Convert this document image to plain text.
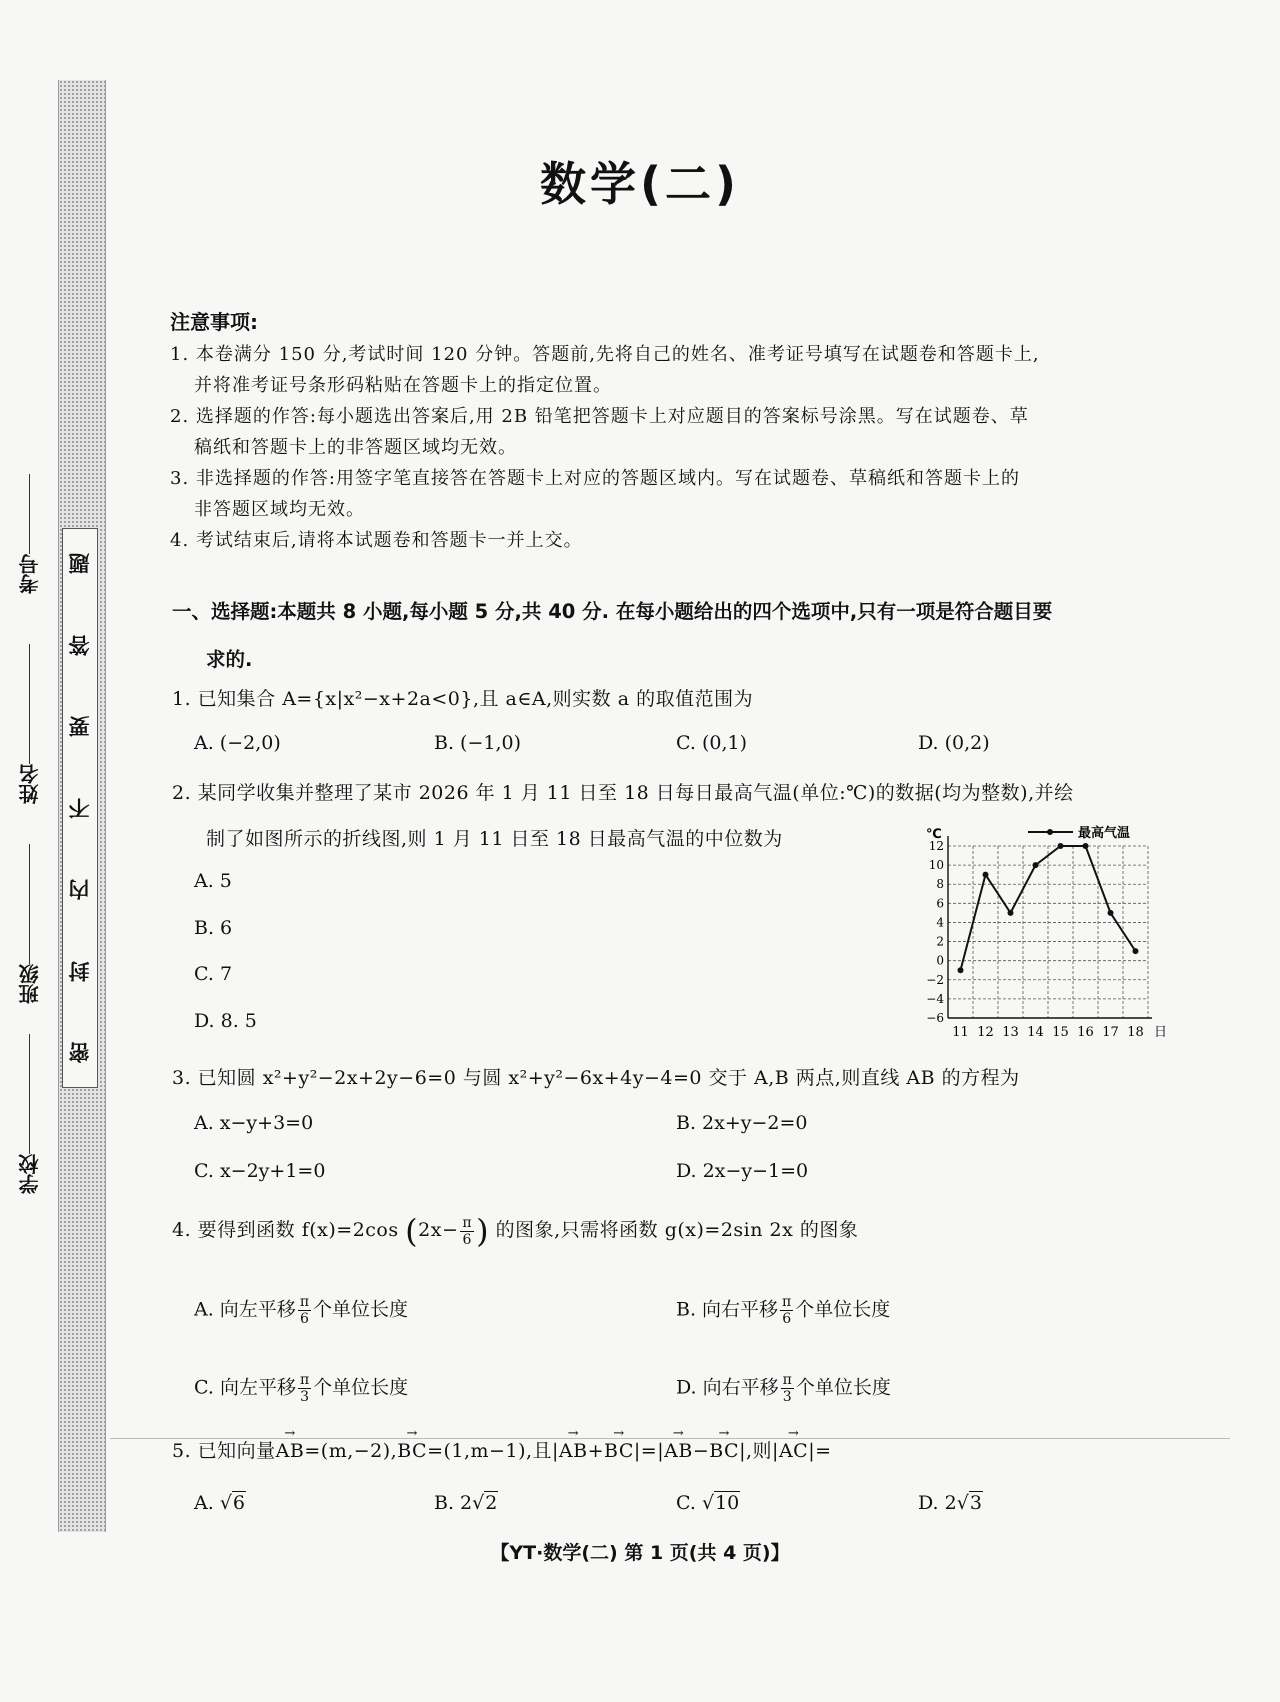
题
答
要
不
内
封
密
考号
姓名
班级
学校
数学(二)
注意事项:
1. 本卷满分 150 分,考试时间 120 分钟。答题前,先将自己的姓名、准考证号填写在试题卷和答题卡上,
并将准考证号条形码粘贴在答题卡上的指定位置。
2. 选择题的作答:每小题选出答案后,用 2B 铅笔把答题卡上对应题目的答案标号涂黑。写在试题卷、草
稿纸和答题卡上的非答题区域均无效。
3. 非选择题的作答:用签字笔直接答在答题卡上对应的答题区域内。写在试题卷、草稿纸和答题卡上的
非答题区域均无效。
4. 考试结束后,请将本试题卷和答题卡一并上交。
一、选择题:本题共 8 小题,每小题 5 分,共 40 分. 在每小题给出的四个选项中,只有一项是符合题目要
求的.
1. 已知集合 A={x|x²−x+2a<0},且 a∈A,则实数 a 的取值范围为
A. (−2,0)	B. (−1,0)	C. (0,1)	D. (0,2)
2. 某同学收集并整理了某市 2026 年 1 月 11 日至 18 日每日最高气温(单位:℃)的数据(均为整数),并绘
制了如图所示的折线图,则 1 月 11 日至 18 日最高气温的中位数为
A. 5
B. 6
C. 7
D. 8. 5
12
10
8
6
4
2
0
−2
−4
−6
℃
11 12 13 14 15 16 17 18 日
最高气温
3. 已知圆 x²+y²−2x+2y−6=0 与圆 x²+y²−6x+4y−4=0 交于 A,B 两点,则直线 AB 的方程为
A. x−y+3=0	B. 2x+y−2=0
C. x−2y+1=0	D. 2x−y−1=0
4. 要得到函数 f(x)=2cos ($2x- \frac{\pi}{6}$ ) 的图象,只需将函数 g(x)=2sin 2x 的图象
A. 向左平移 $\frac{\pi}{6}$ 个单位长度	B. 向右平移 $\frac{\pi}{6}$ 个单位长度
C. 向左平移 $\frac{\pi}{3}$ 个单位长度	D. 向右平移 $\frac{\pi}{3}$ 个单位长度
5. 已知向量→ AB=(m,−2),→ BC=(1,m−1),且|→ AB+→ BC|=|→ AB−→ BC|,则|→ AC|=
A. √6	B. 2√2	C. √10	D. 2√3
【YT·数学(二) 第 1 页(共 4 页)】
